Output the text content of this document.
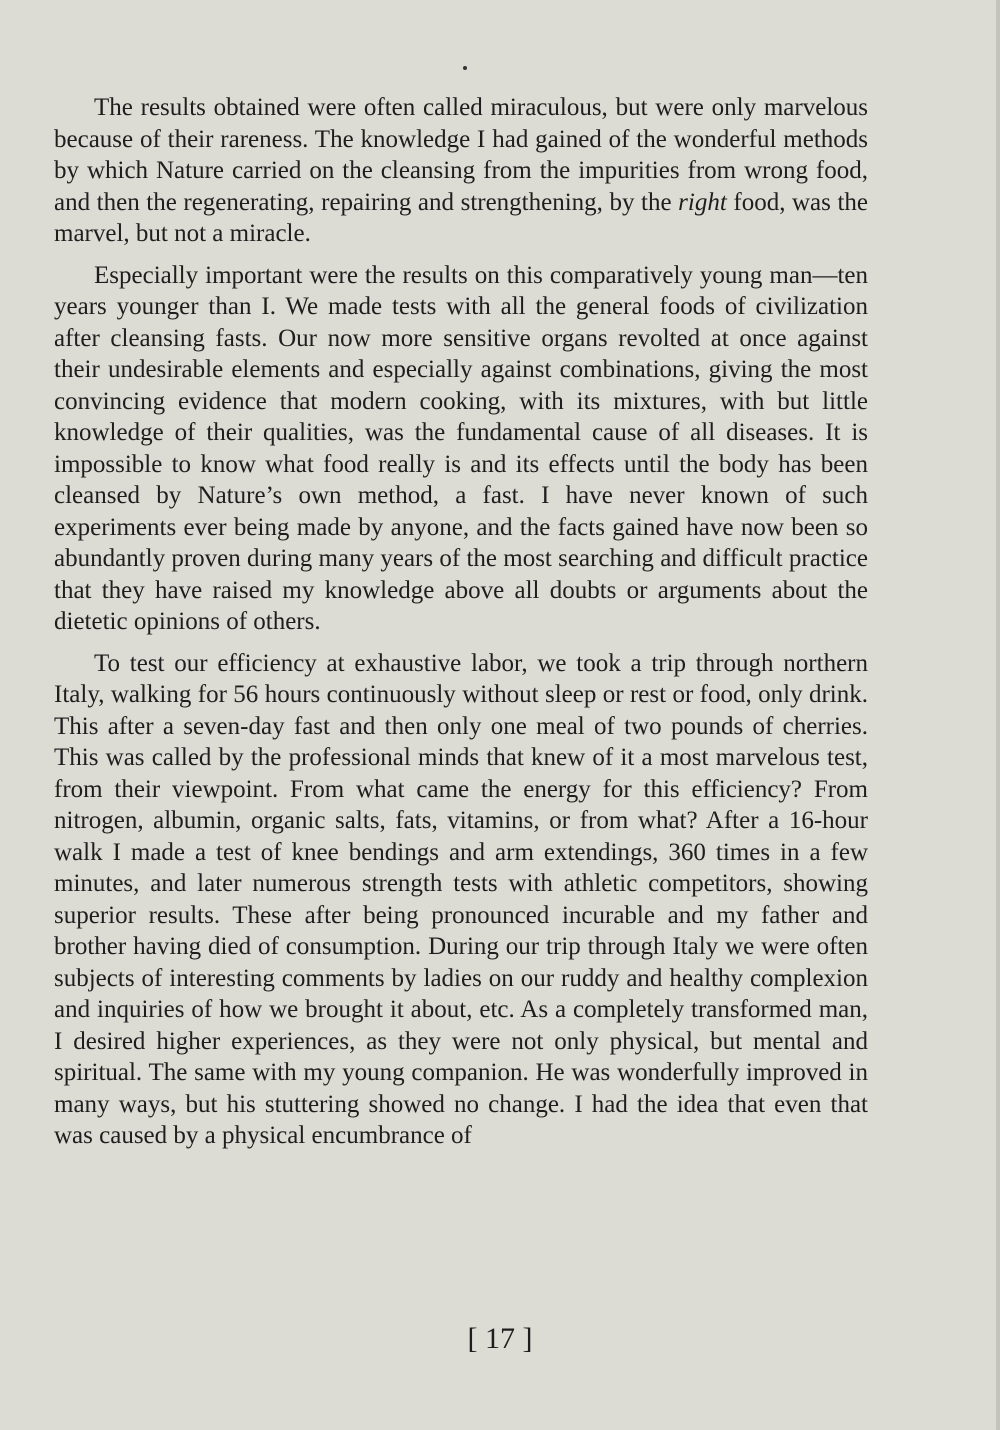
The results obtained were often called miraculous, but were only marvelous because of their rareness. The knowledge I had gained of the wonderful methods by which Nature carried on the cleansing from the impurities from wrong food, and then the regenerating, repairing and strengthening, by the right food, was the marvel, but not a miracle.

Especially important were the results on this comparatively young man—ten years younger than I. We made tests with all the general foods of civilization after cleansing fasts. Our now more sensitive organs revolted at once against their undesirable elements and especially against combinations, giving the most convincing evidence that modern cooking, with its mixtures, with but little knowledge of their qualities, was the fundamental cause of all diseases. It is impossible to know what food really is and its effects until the body has been cleansed by Nature’s own method, a fast. I have never known of such experiments ever being made by anyone, and the facts gained have now been so abundantly proven during many years of the most searching and difficult practice that they have raised my knowledge above all doubts or arguments about the dietetic opinions of others.

To test our efficiency at exhaustive labor, we took a trip through northern Italy, walking for 56 hours continuously without sleep or rest or food, only drink. This after a seven-day fast and then only one meal of two pounds of cherries. This was called by the professional minds that knew of it a most marvelous test, from their viewpoint. From what came the energy for this efficiency? From nitrogen, albumin, organic salts, fats, vitamins, or from what? After a 16-hour walk I made a test of knee bendings and arm extendings, 360 times in a few minutes, and later numerous strength tests with athletic competitors, showing superior results. These after being pronounced incurable and my father and brother having died of consumption. During our trip through Italy we were often subjects of interesting comments by ladies on our ruddy and healthy complexion and inquiries of how we brought it about, etc. As a completely transformed man, I desired higher experiences, as they were not only physical, but mental and spiritual. The same with my young companion. He was wonderfully improved in many ways, but his stuttering showed no change. I had the idea that even that was caused by a physical encumbrance of

[ 17 ]
